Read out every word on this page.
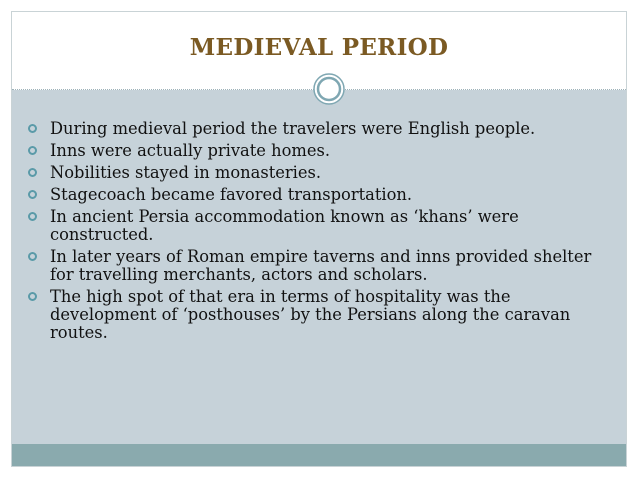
MEDIEVAL PERIOD
During medieval period the travelers were English people.
Inns were actually private homes.
Nobilities stayed in monasteries.
Stagecoach became favored transportation.
In ancient Persia accommodation known as ‘khans’ were constructed.
In later years of Roman empire taverns and inns provided shelter for travelling merchants, actors and scholars.
The high spot of that era in terms of hospitality was the development of ‘posthouses’ by the Persians along the caravan routes.
